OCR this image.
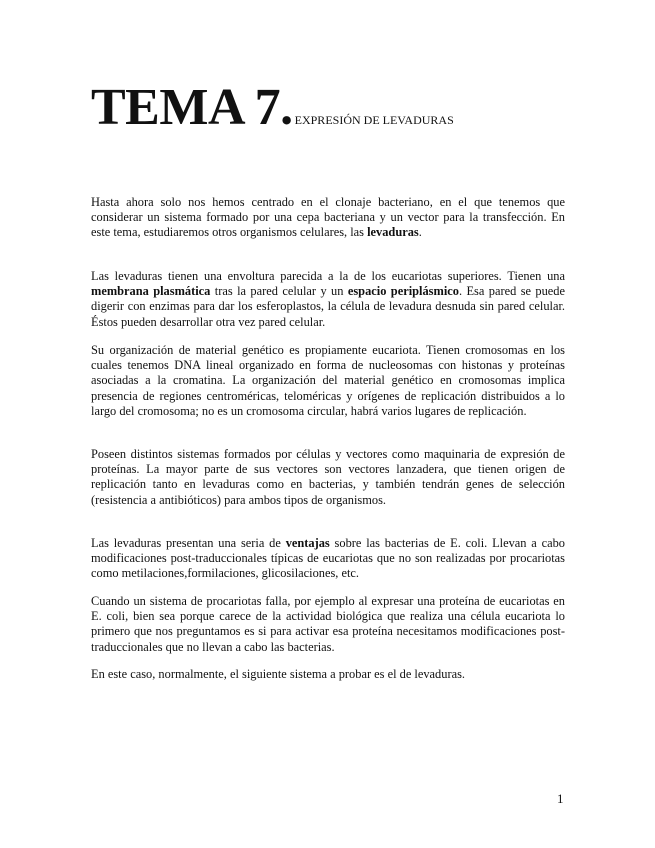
TEMA 7. EXPRESIÓN DE LEVADURAS

Hasta ahora solo nos hemos centrado en el clonaje bacteriano, en el que tenemos que considerar un sistema formado por una cepa bacteriana y un vector para la transfección. En este tema, estudiaremos otros organismos celulares, las levaduras.

Las levaduras tienen una envoltura parecida a la de los eucariotas superiores. Tienen una membrana plasmática tras la pared celular y un espacio periplásmico. Esa pared se puede digerir con enzimas para dar los esferoplastos, la célula de levadura desnuda sin pared celular. Éstos pueden desarrollar otra vez pared celular.

Su organización de material genético es propiamente eucariota. Tienen cromosomas en los cuales tenemos DNA lineal organizado en forma de nucleosomas con histonas y proteínas asociadas a la cromatina. La organización del material genético en cromosomas implica presencia de regiones centroméricas, teloméricas y orígenes de replicación distribuidos a lo largo del cromosoma; no es un cromosoma circular, habrá varios lugares de replicación.

Poseen distintos sistemas formados por células y vectores como maquinaria de expresión de proteínas. La mayor parte de sus vectores son vectores lanzadera, que tienen origen de replicación tanto en levaduras como en bacterias, y también tendrán genes de selección (resistencia a antibióticos) para ambos tipos de organismos.

Las levaduras presentan una seria de ventajas sobre las bacterias de E. coli. Llevan a cabo modificaciones post-traduccionales típicas de eucariotas que no son realizadas por procariotas como metilaciones,formilaciones, glicosilaciones, etc.

Cuando un sistema de procariotas falla, por ejemplo al expresar una proteína de eucariotas en E. coli, bien sea porque carece de la actividad biológica que realiza una célula eucariota lo primero que nos preguntamos es si para activar esa proteína necesitamos modificaciones post-traduccionales que no llevan a cabo las bacterias.

En este caso, normalmente, el siguiente sistema a probar es el de levaduras.

1
